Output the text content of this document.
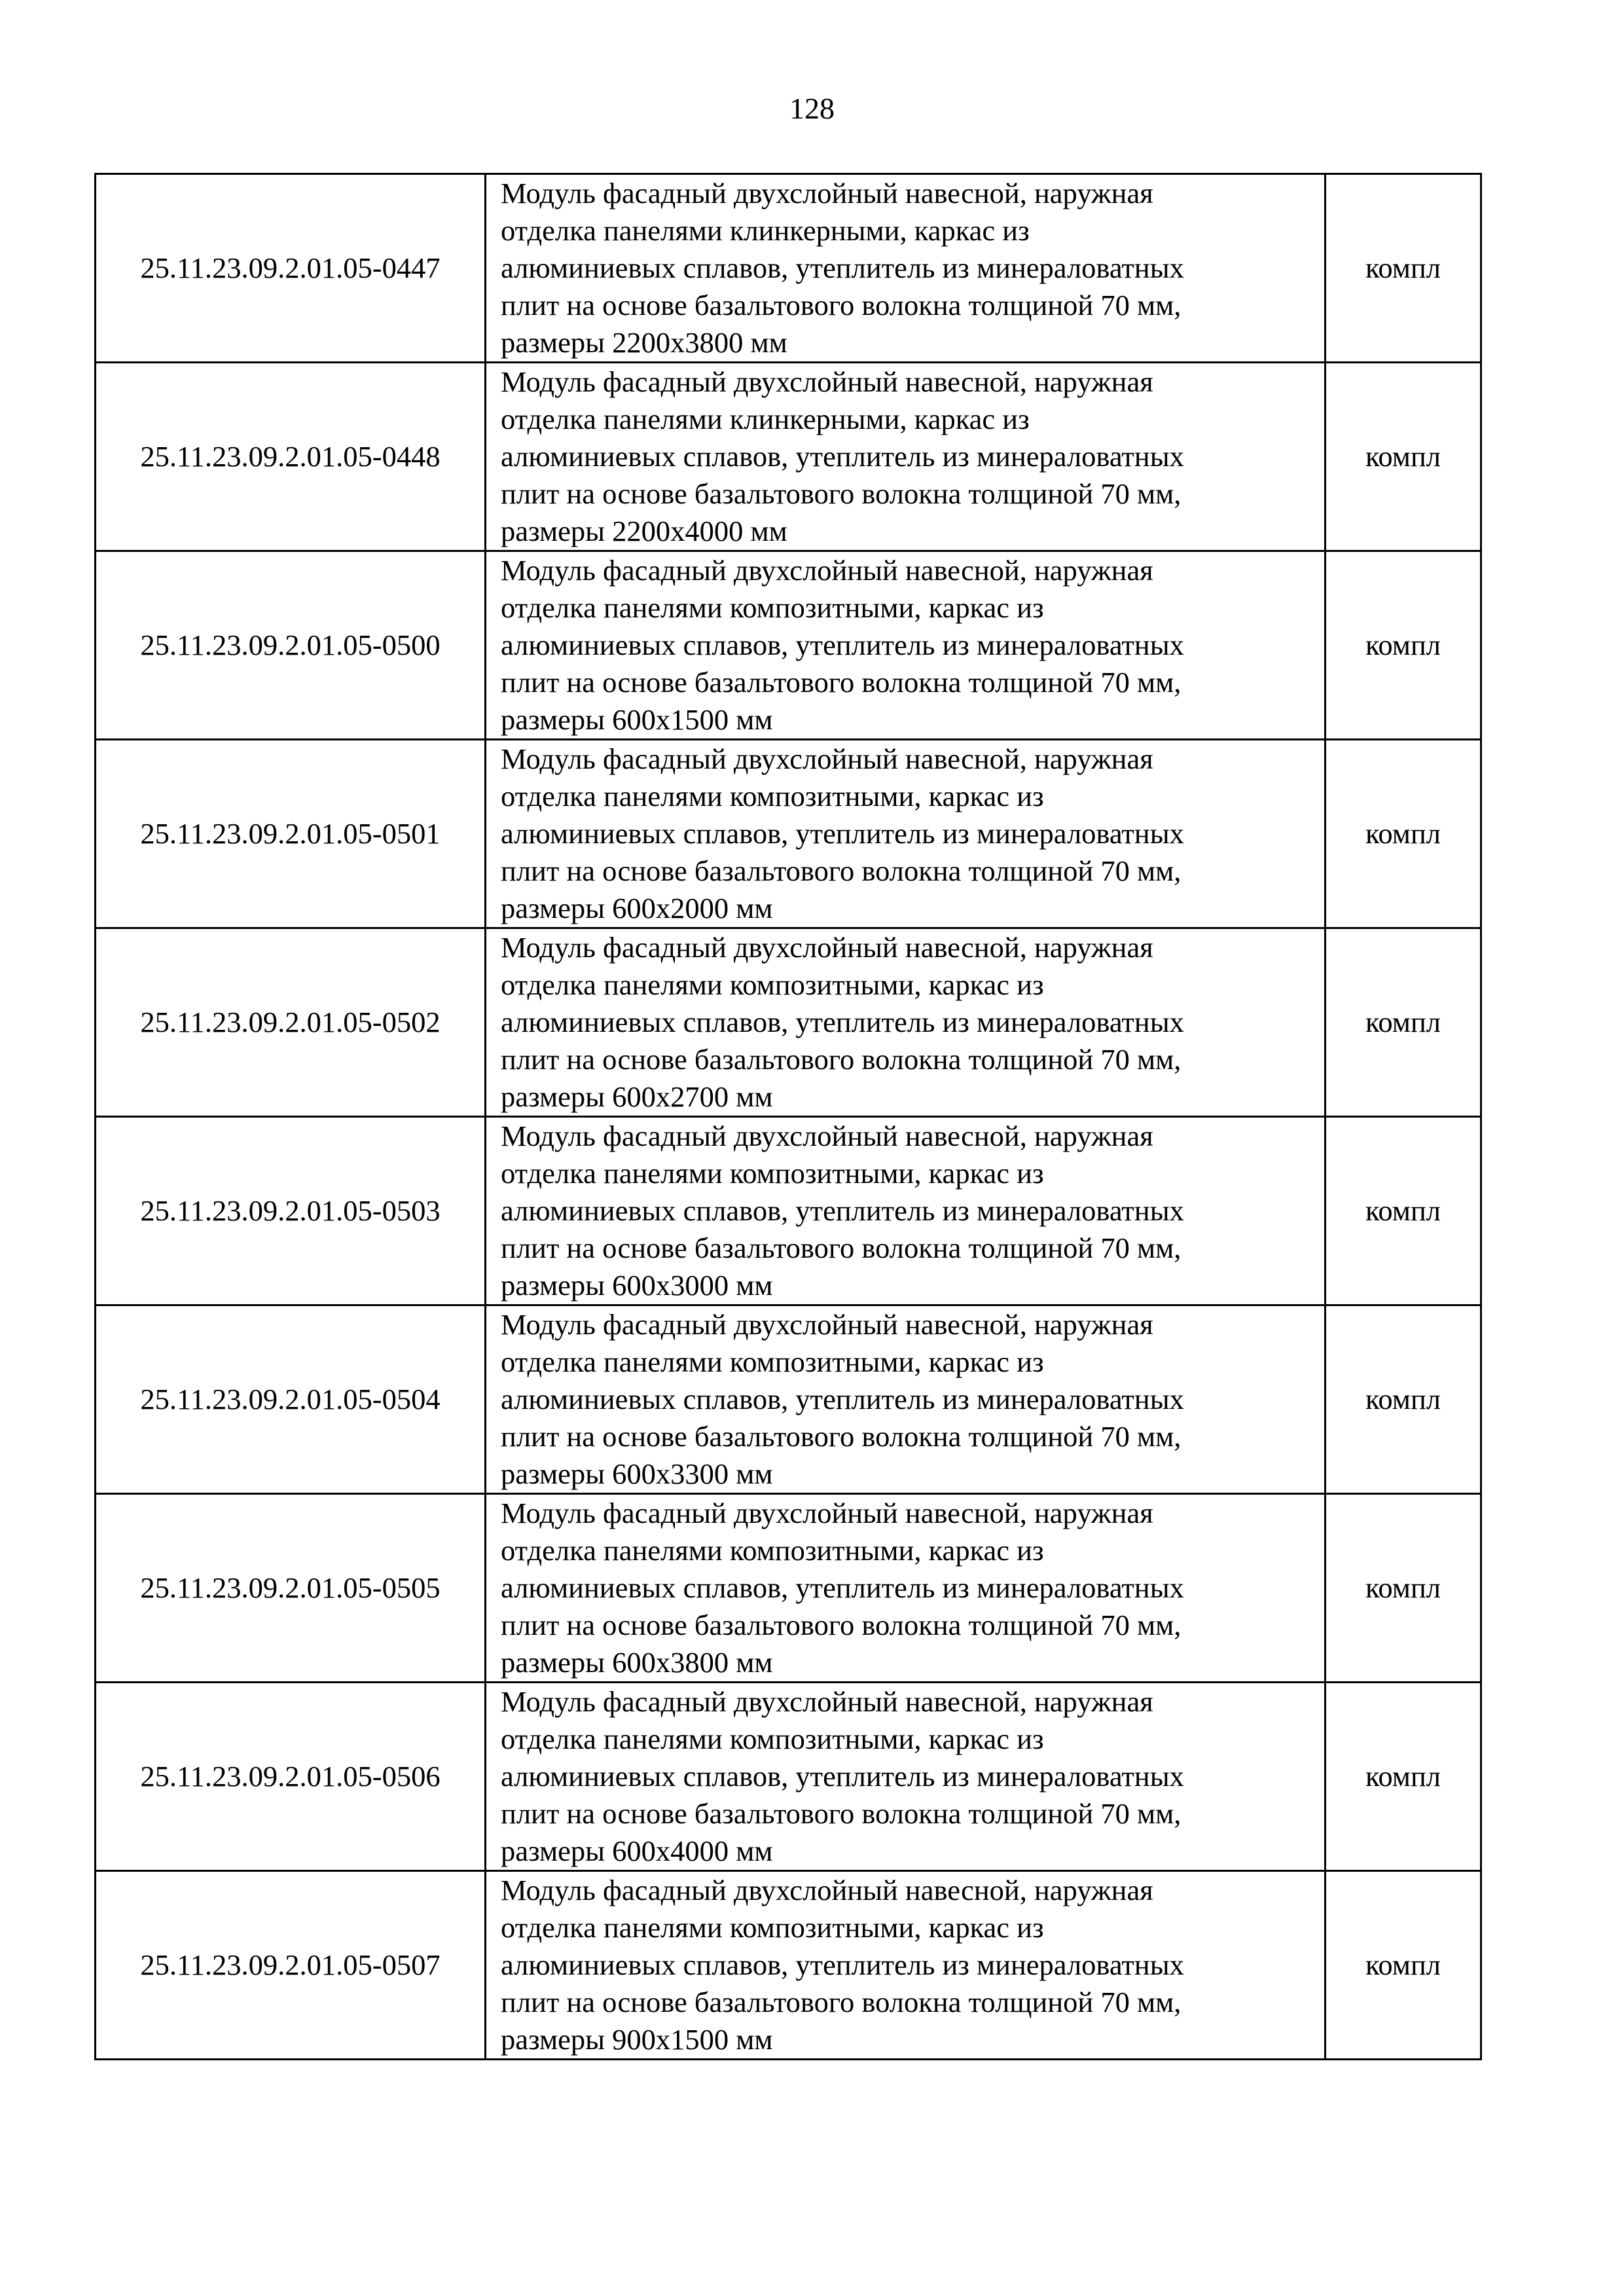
128
25.11.23.09.2.01.05-0447	Модуль фасадный двухслойный навесной, наружная
отделка панелями клинкерными, каркас из
алюминиевых сплавов, утеплитель из минераловатных
плит на основе базальтового волокна толщиной 70 мм,
размеры 2200х3800 мм	компл
25.11.23.09.2.01.05-0448	Модуль фасадный двухслойный навесной, наружная
отделка панелями клинкерными, каркас из
алюминиевых сплавов, утеплитель из минераловатных
плит на основе базальтового волокна толщиной 70 мм,
размеры 2200х4000 мм	компл
25.11.23.09.2.01.05-0500	Модуль фасадный двухслойный навесной, наружная
отделка панелями композитными, каркас из
алюминиевых сплавов, утеплитель из минераловатных
плит на основе базальтового волокна толщиной 70 мм,
размеры 600х1500 мм	компл
25.11.23.09.2.01.05-0501	Модуль фасадный двухслойный навесной, наружная
отделка панелями композитными, каркас из
алюминиевых сплавов, утеплитель из минераловатных
плит на основе базальтового волокна толщиной 70 мм,
размеры 600х2000 мм	компл
25.11.23.09.2.01.05-0502	Модуль фасадный двухслойный навесной, наружная
отделка панелями композитными, каркас из
алюминиевых сплавов, утеплитель из минераловатных
плит на основе базальтового волокна толщиной 70 мм,
размеры 600х2700 мм	компл
25.11.23.09.2.01.05-0503	Модуль фасадный двухслойный навесной, наружная
отделка панелями композитными, каркас из
алюминиевых сплавов, утеплитель из минераловатных
плит на основе базальтового волокна толщиной 70 мм,
размеры 600х3000 мм	компл
25.11.23.09.2.01.05-0504	Модуль фасадный двухслойный навесной, наружная
отделка панелями композитными, каркас из
алюминиевых сплавов, утеплитель из минераловатных
плит на основе базальтового волокна толщиной 70 мм,
размеры 600х3300 мм	компл
25.11.23.09.2.01.05-0505	Модуль фасадный двухслойный навесной, наружная
отделка панелями композитными, каркас из
алюминиевых сплавов, утеплитель из минераловатных
плит на основе базальтового волокна толщиной 70 мм,
размеры 600х3800 мм	компл
25.11.23.09.2.01.05-0506	Модуль фасадный двухслойный навесной, наружная
отделка панелями композитными, каркас из
алюминиевых сплавов, утеплитель из минераловатных
плит на основе базальтового волокна толщиной 70 мм,
размеры 600х4000 мм	компл
25.11.23.09.2.01.05-0507	Модуль фасадный двухслойный навесной, наружная
отделка панелями композитными, каркас из
алюминиевых сплавов, утеплитель из минераловатных
плит на основе базальтового волокна толщиной 70 мм,
размеры 900х1500 мм	компл
